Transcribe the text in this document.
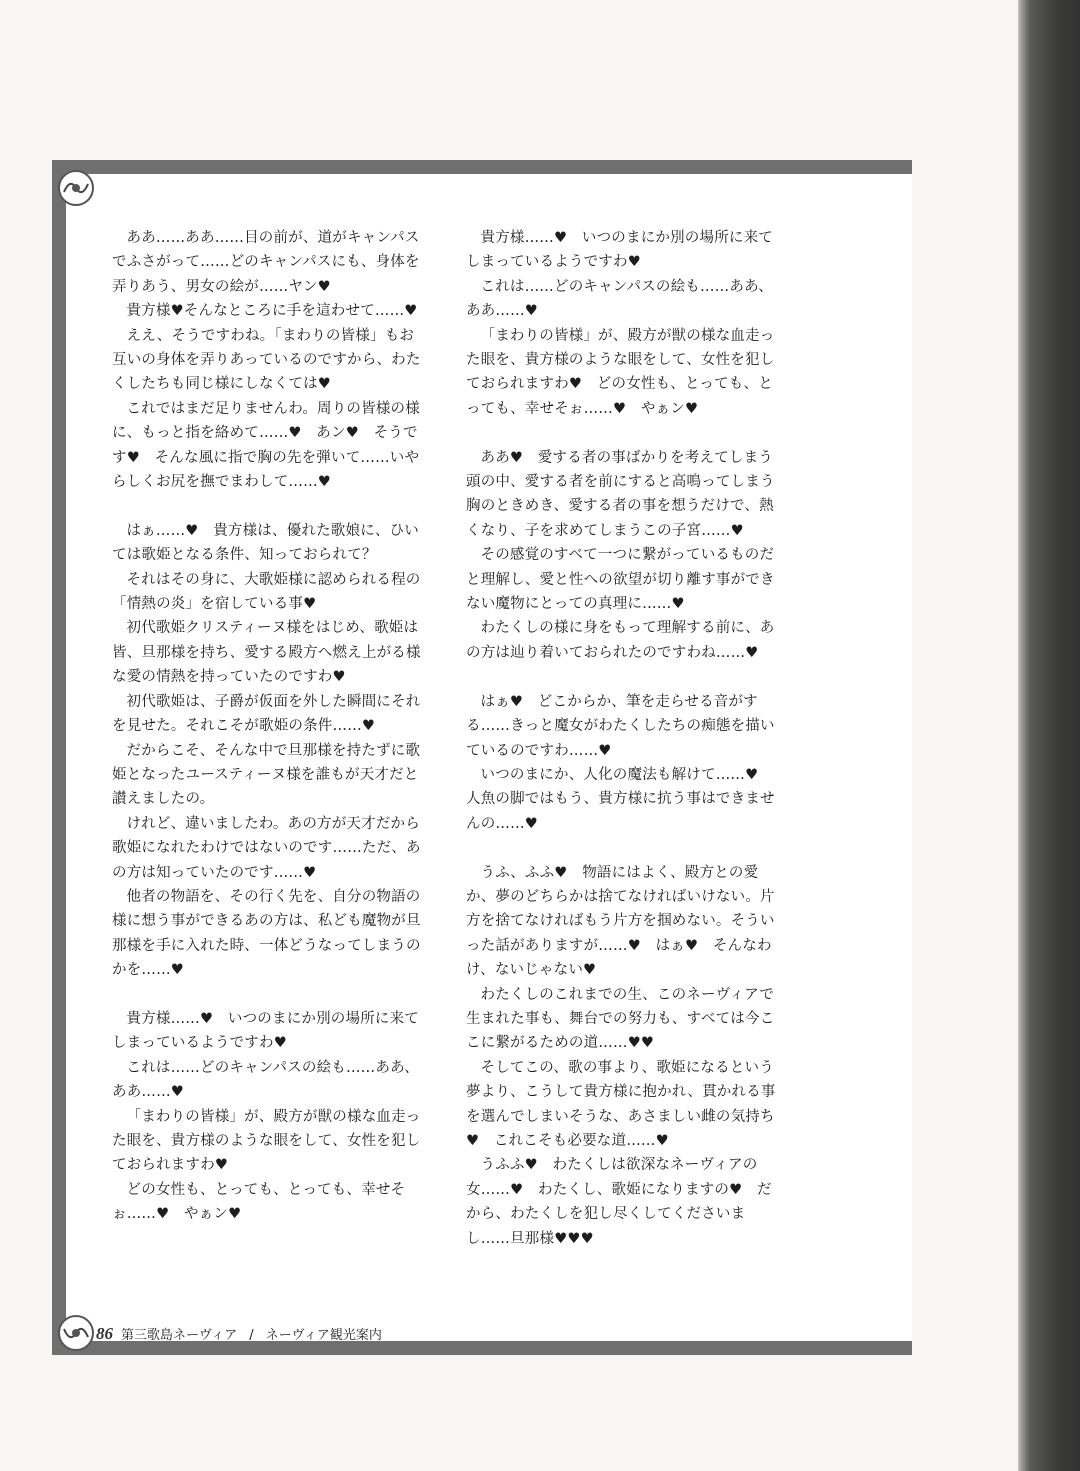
ああ……ああ……目の前が、道がキャンパスでふさがって……どのキャンパスにも、身体を弄りあう、男女の絵が……ヤン♥

貴方様♥そんなところに手を這わせて……♥

ええ、そうですわね。「まわりの皆様」もお互いの身体を弄りあっているのですから、わたくしたちも同じ様にしなくては♥

これではまだ足りませんわ。周りの皆様の様に、もっと指を絡めて……♥　あン♥　そうです♥　そんな風に指で胸の先を弾いて……いやらしくお尻を撫でまわして……♥

はぁ……♥　貴方様は、優れた歌娘に、ひいては歌姫となる条件、知っておられて？

それはその身に、大歌姫様に認められる程の「情熱の炎」を宿している事♥

初代歌姫クリスティーヌ様をはじめ、歌姫は皆、旦那様を持ち、愛する殿方へ燃え上がる様な愛の情熱を持っていたのですわ♥

初代歌姫は、子爵が仮面を外した瞬間にそれを見せた。それこそが歌姫の条件……♥

だからこそ、そんな中で旦那様を持たずに歌姫となったユースティーヌ様を誰もが天才だと讃えましたの。

けれど、違いましたわ。あの方が天才だから歌姫になれたわけではないのです……ただ、あの方は知っていたのです……♥

他者の物語を、その行く先を、自分の物語の様に想う事ができるあの方は、私ども魔物が旦那様を手に入れた時、一体どうなってしまうのかを……♥

貴方様……♥　いつのまにか別の場所に来てしまっているようですわ♥

これは……どのキャンパスの絵も……ああ、ああ……♥

「まわりの皆様」が、殿方が獣の様な血走った眼を、貴方様のような眼をして、女性を犯しておられますわ♥

どの女性も、とっても、とっても、幸せそぉ……♥　やぁン♥

貴方様……♥　いつのまにか別の場所に来てしまっているようですわ♥

これは……どのキャンパスの絵も……ああ、ああ……♥

「まわりの皆様」が、殿方が獣の様な血走った眼を、貴方様のような眼をして、女性を犯しておられますわ♥　どの女性も、とっても、とっても、幸せそぉ……♥　やぁン♥

ああ♥　愛する者の事ばかりを考えてしまう頭の中、愛する者を前にすると高鳴ってしまう胸のときめき、愛する者の事を想うだけで、熱くなり、子を求めてしまうこの子宮……♥

その感覚のすべて一つに繋がっているものだと理解し、愛と性への欲望が切り離す事ができない魔物にとっての真理に……♥

わたくしの様に身をもって理解する前に、あの方は辿り着いておられたのですわね……♥

はぁ♥　どこからか、筆を走らせる音がする……きっと魔女がわたくしたちの痴態を描いているのですわ……♥

いつのまにか、人化の魔法も解けて……♥　人魚の脚ではもう、貴方様に抗う事はできませんの……♥

うふ、ふふ♥　物語にはよく、殿方との愛か、夢のどちらかは捨てなければいけない。片方を捨てなければもう片方を掴めない。そういった話がありますが……♥　はぁ♥　そんなわけ、ないじゃない♥

わたくしのこれまでの生、このネーヴィアで生まれた事も、舞台での努力も、すべては今ここに繋がるための道……♥♥

そしてこの、歌の事より、歌姫になるという夢より、こうして貴方様に抱かれ、貫かれる事を選んでしまいそうな、あさましい雌の気持ち♥　これこそも必要な道……♥

うふふ♥　わたくしは欲深なネーヴィアの女……♥　わたくし、歌姫になりますの♥　だから、わたくしを犯し尽くしてくださいまし……旦那様♥♥♥

86 第三歌島ネーヴィア / ネーヴィア観光案内
